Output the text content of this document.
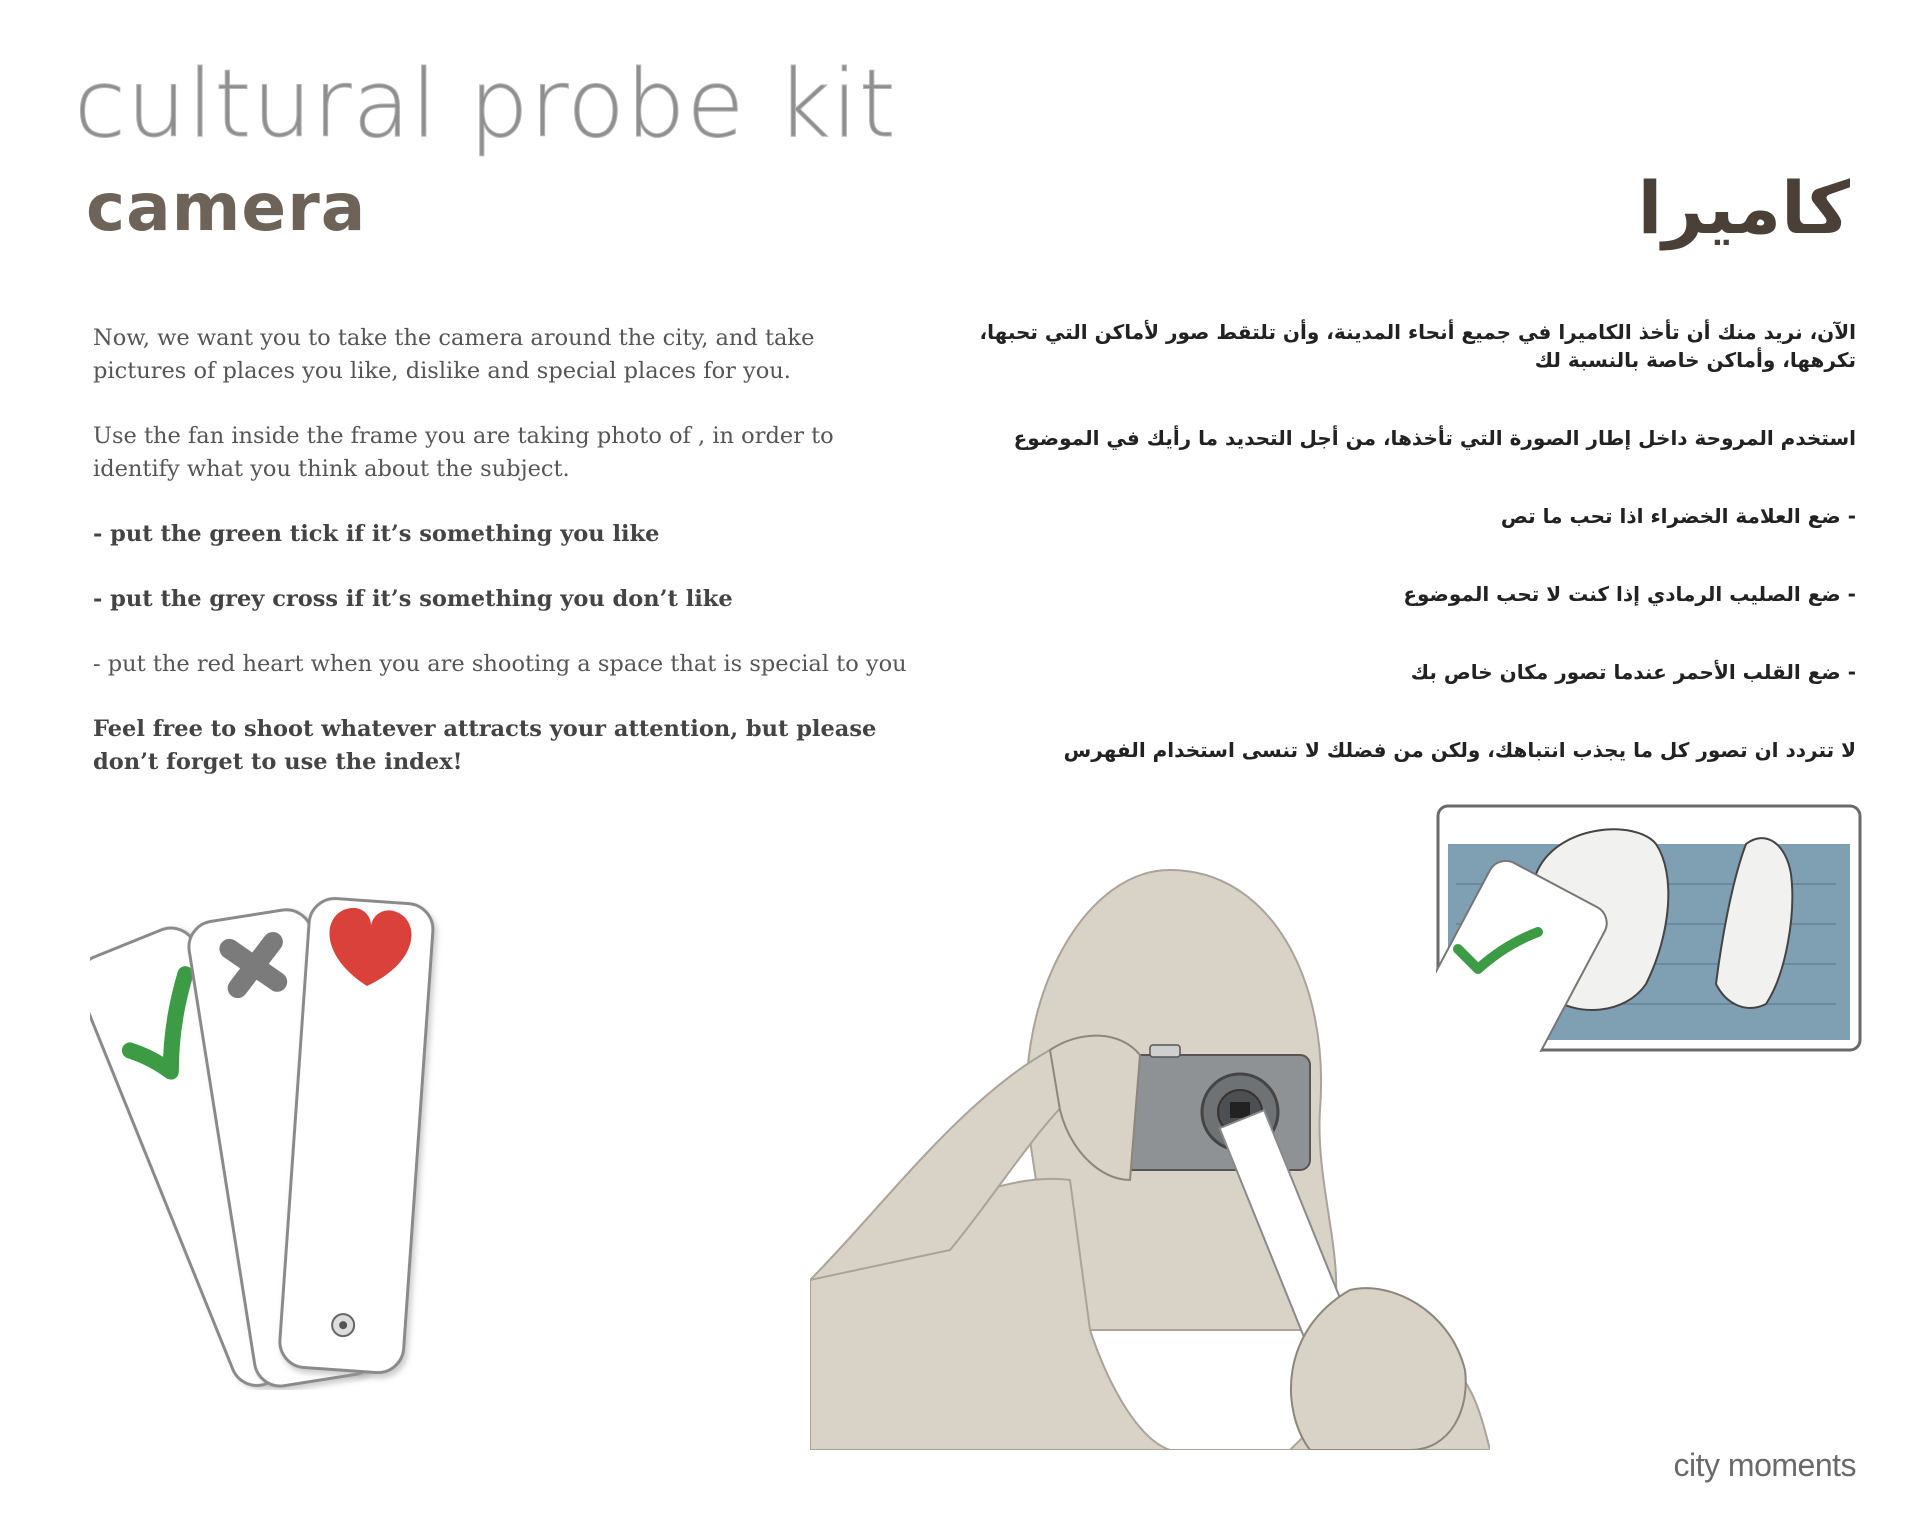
cultural probe kit
camera	كاميرا

Now, we want you to take the camera around the city, and take pictures of places you like, dislike and special places for you.

Use the fan inside the frame you are taking photo of , in order to identify what you think about the subject.

- put the green tick if it’s something you like

- put the grey cross if it’s something you don’t like

- put the red heart when you are shooting a space that is special to you

Feel free to shoot whatever attracts your attention, but please don’t forget to use the index!

الآن، نريد منك أن تأخذ الكاميرا في جميع أنحاء المدينة، وأن تلتقط صور لأماكن التي تحبها، تكرهها، وأماكن خاصة بالنسبة لك

استخدم المروحة داخل إطار الصورة التي تأخذها، من أجل التحديد ما رأيك في الموضوع

- ضع العلامة الخضراء اذا تحب ما تص

- ضع الصليب الرمادي إذا كنت لا تحب الموضوع

- ضع القلب الأحمر عندما تصور مكان خاص بك

لا تتردد ان تصور كل ما يجذب انتباهك، ولكن من فضلك لا تنسى استخدام الفهرس

city moments
